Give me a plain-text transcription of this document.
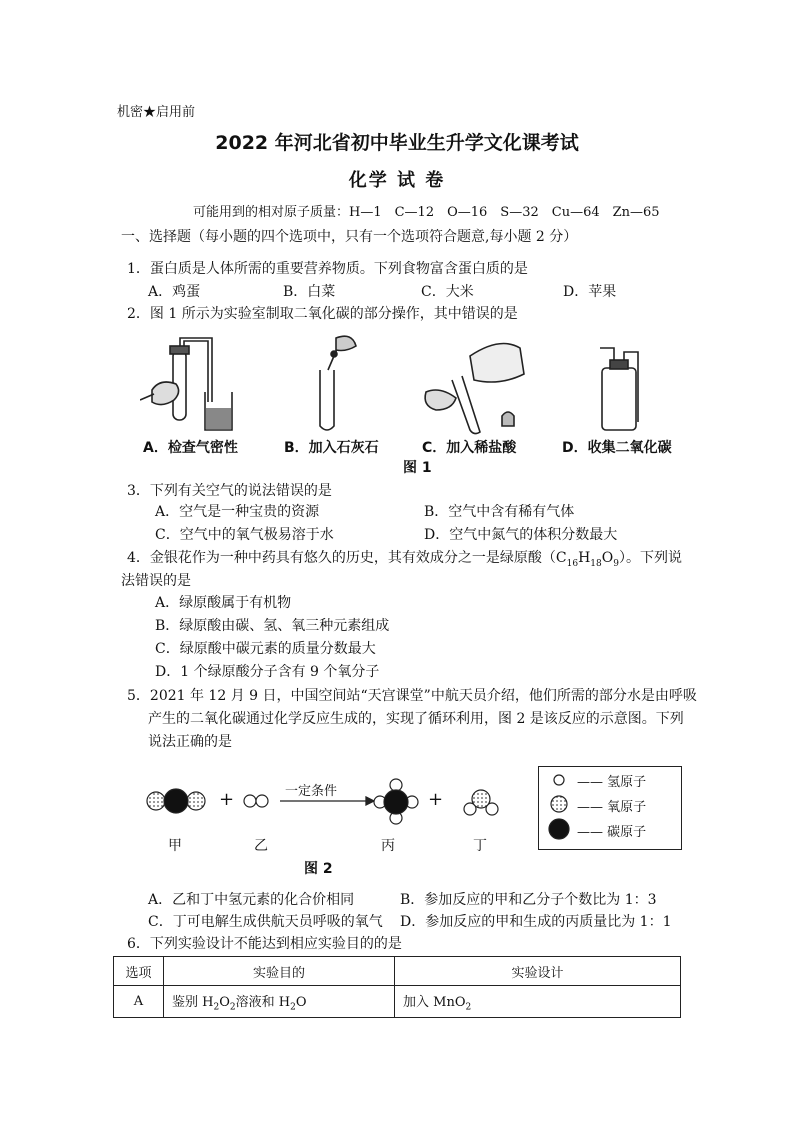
机密★启用前
2022 年河北省初中毕业生升学文化课考试
化学 试 卷
可能用到的相对原子质量：H—1　C—12　O—16　S—32　Cu—64　Zn—65
一、选择题（每小题的四个选项中，只有一个选项符合题意,每小题 2 分）
1．蛋白质是人体所需的重要营养物质。下列食物富含蛋白质的是
A．鸡蛋	B．白菜	C．大米	D．苹果
2．图 1 所示为实验室制取二氧化碳的部分操作，其中错误的是
A．检查气密性	B．加入石灰石	C．加入稀盐酸	D．收集二氧化碳
图 1
3．下列有关空气的说法错误的是
A．空气是一种宝贵的资源	B．空气中含有稀有气体
C．空气中的氧气极易溶于水	D．空气中氮气的体积分数最大
4．金银花作为一种中药具有悠久的历史，其有效成分之一是绿原酸$(C_{16}H_{18}O_9)$。下列说
法错误的是
A．绿原酸属于有机物
B．绿原酸由碳、氢、氧三种元素组成
C．绿原酸中碳元素的质量分数最大
D．1 个绿原酸分子含有 9 个氧分子
5．2021 年 12 月 9 日，中国空间站“天宫课堂”中航天员介绍，他们所需的部分水是由呼吸
产生的二氧化碳通过化学反应生成的，实现了循环利用，图 2 是该反应的示意图。下列
说法正确的是
一定条件
+	+
甲	乙	丙	丁
图 2
—— 氢原子
—— 氧原子
—— 碳原子
A．乙和丁中氢元素的化合价相同	B．参加反应的甲和乙分子个数比为 1：3
C．丁可电解生成供航天员呼吸的氧气 D．参加反应的甲和生成的丙质量比为 1：1
6．下列实验设计不能达到相应实验目的的是
选项	实验目的	实验设计
A	鉴别 $H_2O_2$溶液和 $H_2O$	加入 MnO$_2$
